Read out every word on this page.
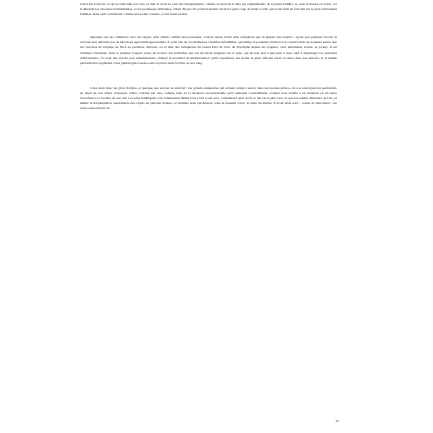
César fut averti de ce qu'on sollicitait son avis, et vint. Il avait eu vent des désagréments, comme on pouvait le dire par euphémisme, de la petite famille, et, sans le mettre en avant, car il détestait les envolées irrémédiables, et les promesses délirantes, s'était dit que s'il pouvait donner un brave petit coup de main à celle qui ne lui était en fait rien sur le plan strictement familial, mais qu'il considérait comme une petite cousine, ça lui ferait plaisir.

Quarante ans de commerce avec les objets, qu'il aimait comme des personnes, avaient rendu César plus compétent que la plupart des experts ; ayant peu pratiqué l'école, le cerveau non déformé par de laborieux apprentissages inutiles, il avait une de ces mémoires visuelles infaillibles, qui utilise le potentiel cérébral à la conservation de données autres que les victoires de l'équipe de Nice en première division, ou la liste des vainqueurs du Grand Prix de l'Arc de Triomphe depuis les origines, avec entraîneur, écurie, et jockey. Il est d'ailleurs fascinant, dans le premier touquet venu, de trouver des individus qui ont un talent singulier de ce type, qui ne leur sert à peu près à rien, sauf à départager les querelles d'aficionados. Ce sont des savoirs peu rémunérateurs, malgré le potentiel de mémorisation qu'ils requièrent. Au moins le griot africain est-il reconnu dans son univers, et la même performance appliquée à des généalogies fonde-t-elle sa place dans la tribu, et son rang.

César était donc un griot d'objets, et quelque peu sorcier de surcroît : les grands antiquaires qui avaient réussi à entrer dans ses bonnes grâces, car son envergure lui permettait, en dépit de son allure crasseuse, d'être courtisé par eux, compte tenu de la moisson exceptionnelle qu'il ramenait constamment, avaient tous vérifié à un moment ou un autre l'excellence et l'acuité de son œil. Les plus intelligents s'en remettaient même tout à fait à son avis, considérant qu'il avait ce qui est le plus rare, et que les études d'histoire de l'art, et même la fréquentation quotidienne des objets ne peuvent donner, ce sixième sens qui détecte, sous le fauteuil crevé, la patte du maître. Il avait ainsi sorti – terme de marchand – un salon assez piteux au

25
